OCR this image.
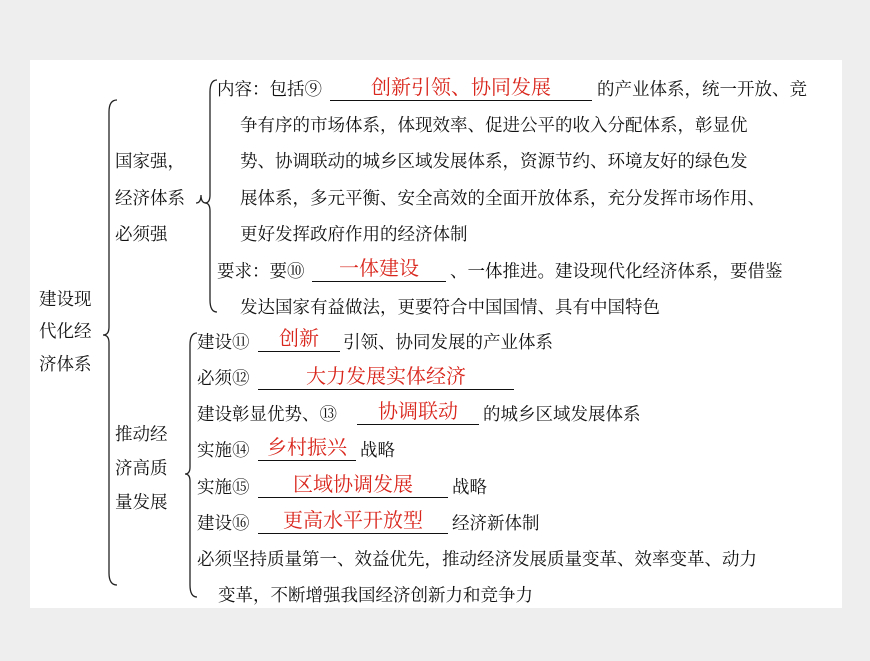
建设现
代化经
济体系
国家强，
经济体系
必须强
内容：包括⑨	创新引领、协同发展	的产业体系，统一开放、竞
争有序的市场体系，体现效率、促进公平的收入分配体系，彰显优
势、协调联动的城乡区域发展体系，资源节约、环境友好的绿色发
展体系，多元平衡、安全高效的全面开放体系，充分发挥市场作用、
更好发挥政府作用的经济体制
要求：要⑩	一体建设	、一体推进。建设现代化经济体系，要借鉴
发达国家有益做法，更要符合中国国情、具有中国特色
推动经
济高质
量发展
建设⑪	创新	引领、协同发展的产业体系
必须⑫	大力发展实体经济
建设彰显优势、⑬	协调联动	的城乡区域发展体系
实施⑭ 乡村振兴 战略
实施⑮	区域协调发展	战略
建设⑯	更高水平开放型	经济新体制
必须坚持质量第一、效益优先，推动经济发展质量变革、效率变革、动力
变革，不断增强我国经济创新力和竞争力
